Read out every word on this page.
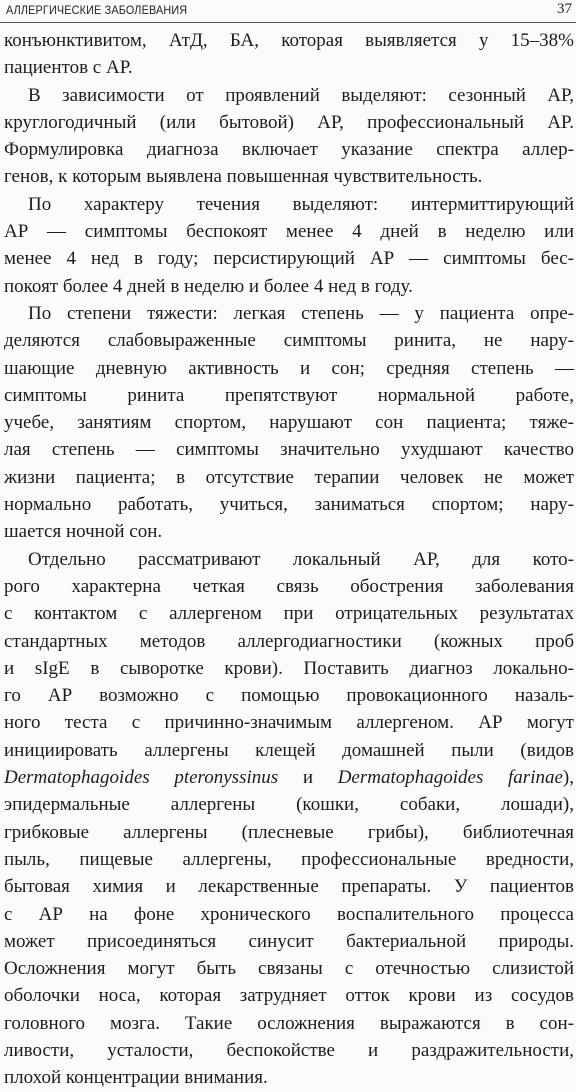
АЛЛЕРГИЧЕСКИЕ ЗАБОЛЕВАНИЯ	37
конъюнктивитом, АтД, БА, которая выявляется у 15–38%
пациентов с АР.
В зависимости от проявлений выделяют: сезонный АР,
круглогодичный (или бытовой) АР, профессиональный АР.
Формулировка диагноза включает указание спектра аллер-
генов, к которым выявлена повышенная чувствительность.
По характеру течения выделяют: интермиттирующий
АР — симптомы беспокоят менее 4 дней в неделю или
менее 4 нед в году; персистирующий АР — симптомы бес-
покоят более 4 дней в неделю и более 4 нед в году.
По степени тяжести: легкая степень — у пациента опре-
деляются слабовыраженные симптомы ринита, не нару-
шающие дневную активность и сон; средняя степень —
симптомы ринита препятствуют нормальной работе,
учебе, занятиям спортом, нарушают сон пациента; тяже-
лая степень — симптомы значительно ухудшают качество
жизни пациента; в отсутствие терапии человек не может
нормально работать, учиться, заниматься спортом; нару-
шается ночной сон.
Отдельно рассматривают локальный АР, для кото-
рого характерна четкая связь обострения заболевания
с контактом с аллергеном при отрицательных результатах
стандартных методов аллергодиагностики (кожных проб
и sIgE в сыворотке крови). Поставить диагноз локально-
го АР возможно с помощью провокационного назаль-
ного теста с причинно-значимым аллергеном. АР могут
инициировать аллергены клещей домашней пыли (видов
Dermatophagoides pteronyssinus и Dermatophagoides farinae),
эпидермальные аллергены (кошки, собаки, лошади),
грибковые аллергены (плесневые грибы), библиотечная
пыль, пищевые аллергены, профессиональные вредности,
бытовая химия и лекарственные препараты. У пациентов
с АР на фоне хронического воспалительного процесса
может присоединяться синусит бактериальной природы.
Осложнения могут быть связаны с отечностью слизистой
оболочки носа, которая затрудняет отток крови из сосудов
головного мозга. Такие осложнения выражаются в сон-
ливости, усталости, беспокойстве и раздражительности,
плохой концентрации внимания.
